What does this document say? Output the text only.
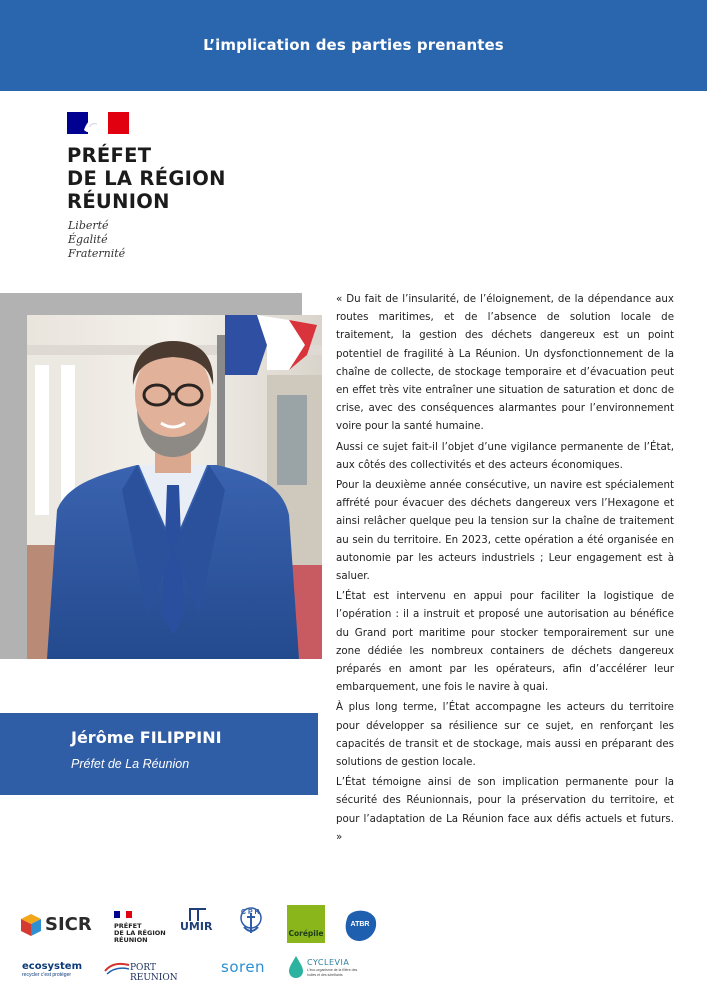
L’implication des parties prenantes
PRÉFET
DE LA RÉGION
RÉUNION
Liberté
Égalité
Fraternité
Jérôme FILIPPINI
Préfet de La Réunion

« Du fait de l’insularité, de l’éloignement, de la dépendance aux routes maritimes, et de l’absence de solution locale de traitement, la gestion des déchets dangereux est un point potentiel de fragilité à La Réunion. Un dysfonctionnement de la chaîne de collecte, de stockage temporaire et d’évacuation peut en effet très vite entraîner une situation de saturation et donc de crise, avec des conséquences alarmantes pour l’environnement voire pour la santé humaine.

Aussi ce sujet fait-il l’objet d’une vigilance permanente de l’État, aux côtés des collectivités et des acteurs économiques.

Pour la deuxième année consécutive, un navire est spécialement affrété pour évacuer des déchets dangereux vers l’Hexagone et ainsi relâcher quelque peu la tension sur la chaîne de traitement au sein du territoire. En 2023, cette opération a été organisée en autonomie par les acteurs industriels ; Leur engagement est à saluer.

L’État est intervenu en appui pour faciliter la logistique de l’opération : il a instruit et proposé une autorisation au bénéfice du Grand port maritime pour stocker temporairement sur une zone dédiée les nombreux containers de déchets dangereux préparés en amont par les opérateurs, afin d’accélérer leur embarquement, une fois le navire à quai.

À plus long terme, l’État accompagne les acteurs du territoire pour développer sa résilience sur ce sujet, en renforçant les capacités de transit et de stockage, mais aussi en préparant des solutions de gestion locale.

L’État témoigne ainsi de son implication permanente pour la sécurité des Réunionnais, pour la préservation du territoire, et pour l’adaptation de La Réunion face aux défis actuels et futurs. »

SICR	PRÉFET
DE LA RÉGION
RÉUNION
UMIR
C P R
Corépile
ATBR
ecosystem
recycler c'est protéger
PORT REUNION
soren	CYCLEVIA
L'éco-organisme de la filière des huiles et des lubrifiants
